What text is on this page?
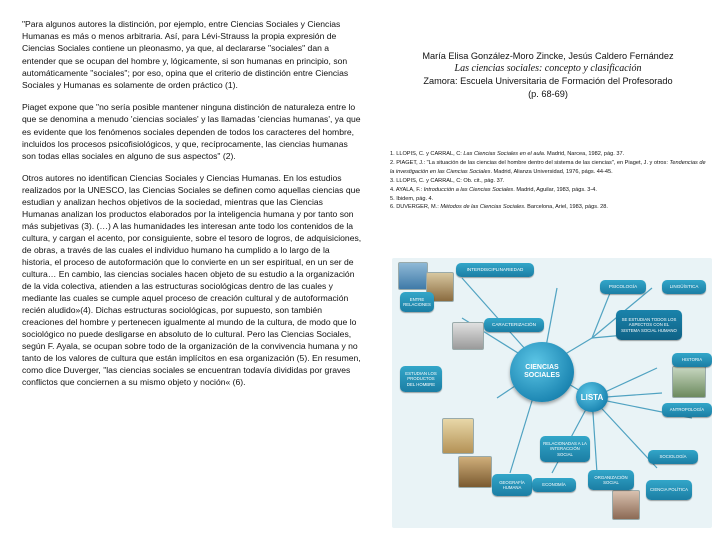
"Para algunos autores la distinción, por ejemplo, entre Ciencias Sociales y Ciencias Humanas es más o menos arbitraria. Así, para Lévi-Strauss la propia expresión de Ciencias Sociales contiene un pleonasmo, ya que, al declararse "sociales" dan a entender que se ocupan del hombre y, lógicamente, si son humanas en principio, son automáticamente "sociales"; por eso, opina que el criterio de distinción entre Ciencias Sociales y Humanas es solamente de orden práctico (1).

Piaget expone que "no sería posible mantener ninguna distinción de naturaleza entre lo que se denomina a menudo 'ciencias sociales' y las llamadas 'ciencias humanas', ya que es evidente que los fenómenos sociales dependen de todos los caracteres del hombre, incluidos los procesos psicofisiológicos, y que, recíprocamente, las ciencias humanas son todas ellas sociales en alguno de sus aspectos" (2).

Otros autores no identifican Ciencias Sociales y Ciencias Humanas. En los estudios realizados por la UNESCO, las Ciencias Sociales se definen como aquellas ciencias que estudian y analizan hechos objetivos de la sociedad, mientras que las Ciencias Humanas analizan los productos elaborados por la inteligencia humana y por tanto son más subjetivas (3). (…) A las humanidades les interesan ante todo los contenidos de la cultura, y cargan el acento, por consiguiente, sobre el tesoro de logros, de adquisiciones, de obras, a través de las cuales el individuo humano ha cumplido a lo largo de la historia, el proceso de autoformación que lo convierte en un ser espiritual, en un ser de cultura… En cambio, las ciencias sociales hacen objeto de su estudio a la organización de la vida colectiva, atienden a las estructuras sociológicas dentro de las cuales y mediante las cuales se cumple aquel proceso de creación cultural y de autoformación recién aludido»(4). Dichas estructuras sociológicas, por supuesto, son también creaciones del hombre y pertenecen igualmente al mundo de la cultura, de modo que lo sociológico no puede desligarse en absoluto de lo cultural. Pero las Ciencias Sociales, según F. Ayala, se ocupan sobre todo de la organización de la convivencia humana y no tanto de los valores de cultura que están implícitos en esa organización (5). En resumen, como dice Duverger, "las ciencias sociales se encuentran todavía divididas por graves conflictos que conciernen a su mismo objeto y noción« (6).

María Elisa González-Moro Zincke, Jesús Caldero Fernández
Las ciencias sociales: concepto y clasificación
Zamora: Escuela Universitaria de Formación del Profesorado
(p. 68-69)
1. LLOPIS, C. y CARRAL, C: Las Ciencias Sociales en el aula. Madrid, Narcea, 1982, pág. 37.
2. PIAGET, J.: "La situación de las ciencias del hombre dentro del sistema de las ciencias", en Piaget, J. y otros: Tendencias de la investigación en las Ciencias Sociales. Madrid, Alianza Universidad, 1976, págs. 44-45.
3. LLOPIS, C. y CARRAL, C: Ob. cit., pág. 37.
4. AYALA, F.: Introducción a las Ciencias Sociales. Madrid, Aguilar, 1983, págs. 3-4.
5. Ibidem, pág. 4.
6. DUVERGER, M.: Métodos de las Ciencias Sociales. Barcelona, Ariel, 1983, págs. 28.
INTERDISCIPLINARIEDAD
ENTRE RELACIONES
PSICOLOGÍA	LINGÜÍSTICA
CARACTERIZACIÓN
SE ESTUDIAN TODOS LOS ASPECTOS CON EL SISTEMA SOCIAL HUMANO
ESTUDIAN LOS PRODUCTOS DEL HOMBRE
HISTORIA
ANTROPOLOGÍA
RELACIONADAS A LA INTERACCIÓN SOCIAL
SOCIOLOGÍA
GEOGRAFÍA HUMANA
ECONOMÍA
ORGANIZACIÓN SOCIAL
CIENCIA POLÍTICA
CIENCIAS SOCIALES
LISTA
